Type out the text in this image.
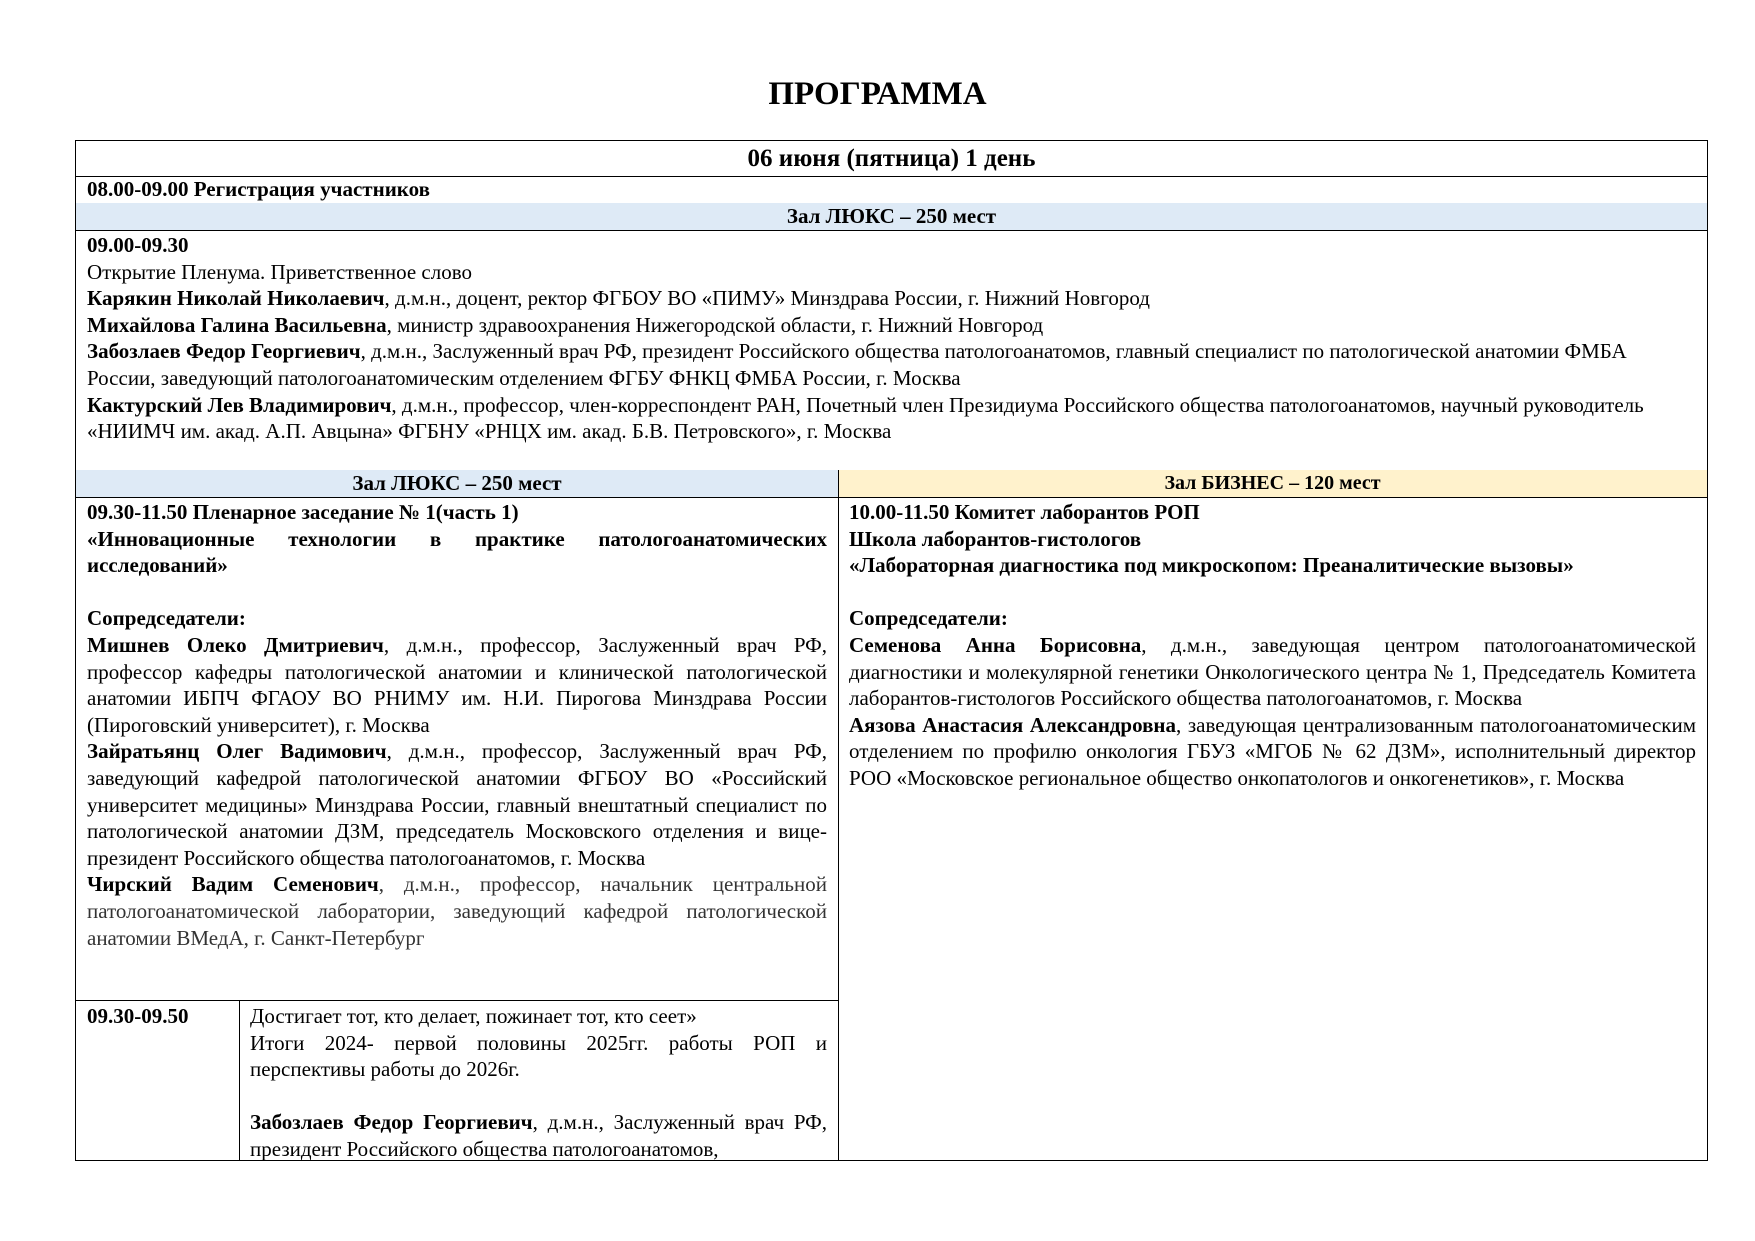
ПРОГРАММА
06 июня (пятница) 1 день
08.00-09.00 Регистрация участников
Зал ЛЮКС – 250 мест
09.00-09.30
Открытие Пленума. Приветственное слово
Карякин Николай Николаевич, д.м.н., доцент, ректор ФГБОУ ВО «ПИМУ» Минздрава России, г. Нижний Новгород
Михайлова Галина Васильевна, министр здравоохранения Нижегородской области, г. Нижний Новгород
Забозлаев Федор Георгиевич, д.м.н., Заслуженный врач РФ, президент Российского общества патологоанатомов, главный специалист по патологической анатомии ФМБА России, заведующий патологоанатомическим отделением ФГБУ ФНКЦ ФМБА России, г. Москва
Кактурский Лев Владимирович, д.м.н., профессор, член-корреспондент РАН, Почетный член Президиума Российского общества патологоанатомов, научный руководитель «НИИМЧ им. акад. А.П. Авцына» ФГБНУ «РНЦХ им. акад. Б.В. Петровского», г. Москва
Зал ЛЮКС – 250 мест	Зал БИЗНЕС – 120 мест
09.30-11.50 Пленарное заседание № 1(часть 1)
«Инновационные технологии в практике патологоанатомических исследований»
Сопредседатели:
Мишнев Олеко Дмитриевич, д.м.н., профессор, Заслуженный врач РФ, профессор кафедры патологической анатомии и клинической патологической анатомии ИБПЧ ФГАОУ ВО РНИМУ им. Н.И. Пирогова Минздрава России (Пироговский университет), г. Москва
Зайратьянц Олег Вадимович, д.м.н., профессор, Заслуженный врач РФ, заведующий кафедрой патологической анатомии ФГБОУ ВО «Российский университет медицины» Минздрава России, главный внештатный специалист по патологической анатомии ДЗМ, председатель Московского отделения и вице-президент Российского общества патологоанатомов, г. Москва
Чирский Вадим Семенович, д.м.н., профессор, начальник центральной патологоанатомической лаборатории, заведующий кафедрой патологической анатомии ВМедА, г. Санкт-Петербург
10.00-11.50 Комитет лаборантов РОП
Школа лаборантов-гистологов
«Лабораторная диагностика под микроскопом: Преаналитические вызовы»
Сопредседатели:
Семенова Анна Борисовна, д.м.н., заведующая центром патологоанатомической диагностики и молекулярной генетики Онкологического центра № 1, Председатель Комитета лаборантов-гистологов Российского общества патологоанатомов, г. Москва
Аязова Анастасия Александровна, заведующая централизованным патологоанатомическим отделением по профилю онкология ГБУЗ «МГОБ № 62 ДЗМ», исполнительный директор РОО «Московское региональное общество онкопатологов и онкогенетиков», г. Москва
09.30-09.50	Достигает тот, кто делает, пожинает тот, кто сеет»
Итоги 2024- первой половины 2025гг. работы РОП и перспективы работы до 2026г.
Забозлаев Федор Георгиевич, д.м.н., Заслуженный врач РФ, президент Российского общества патологоанатомов,
